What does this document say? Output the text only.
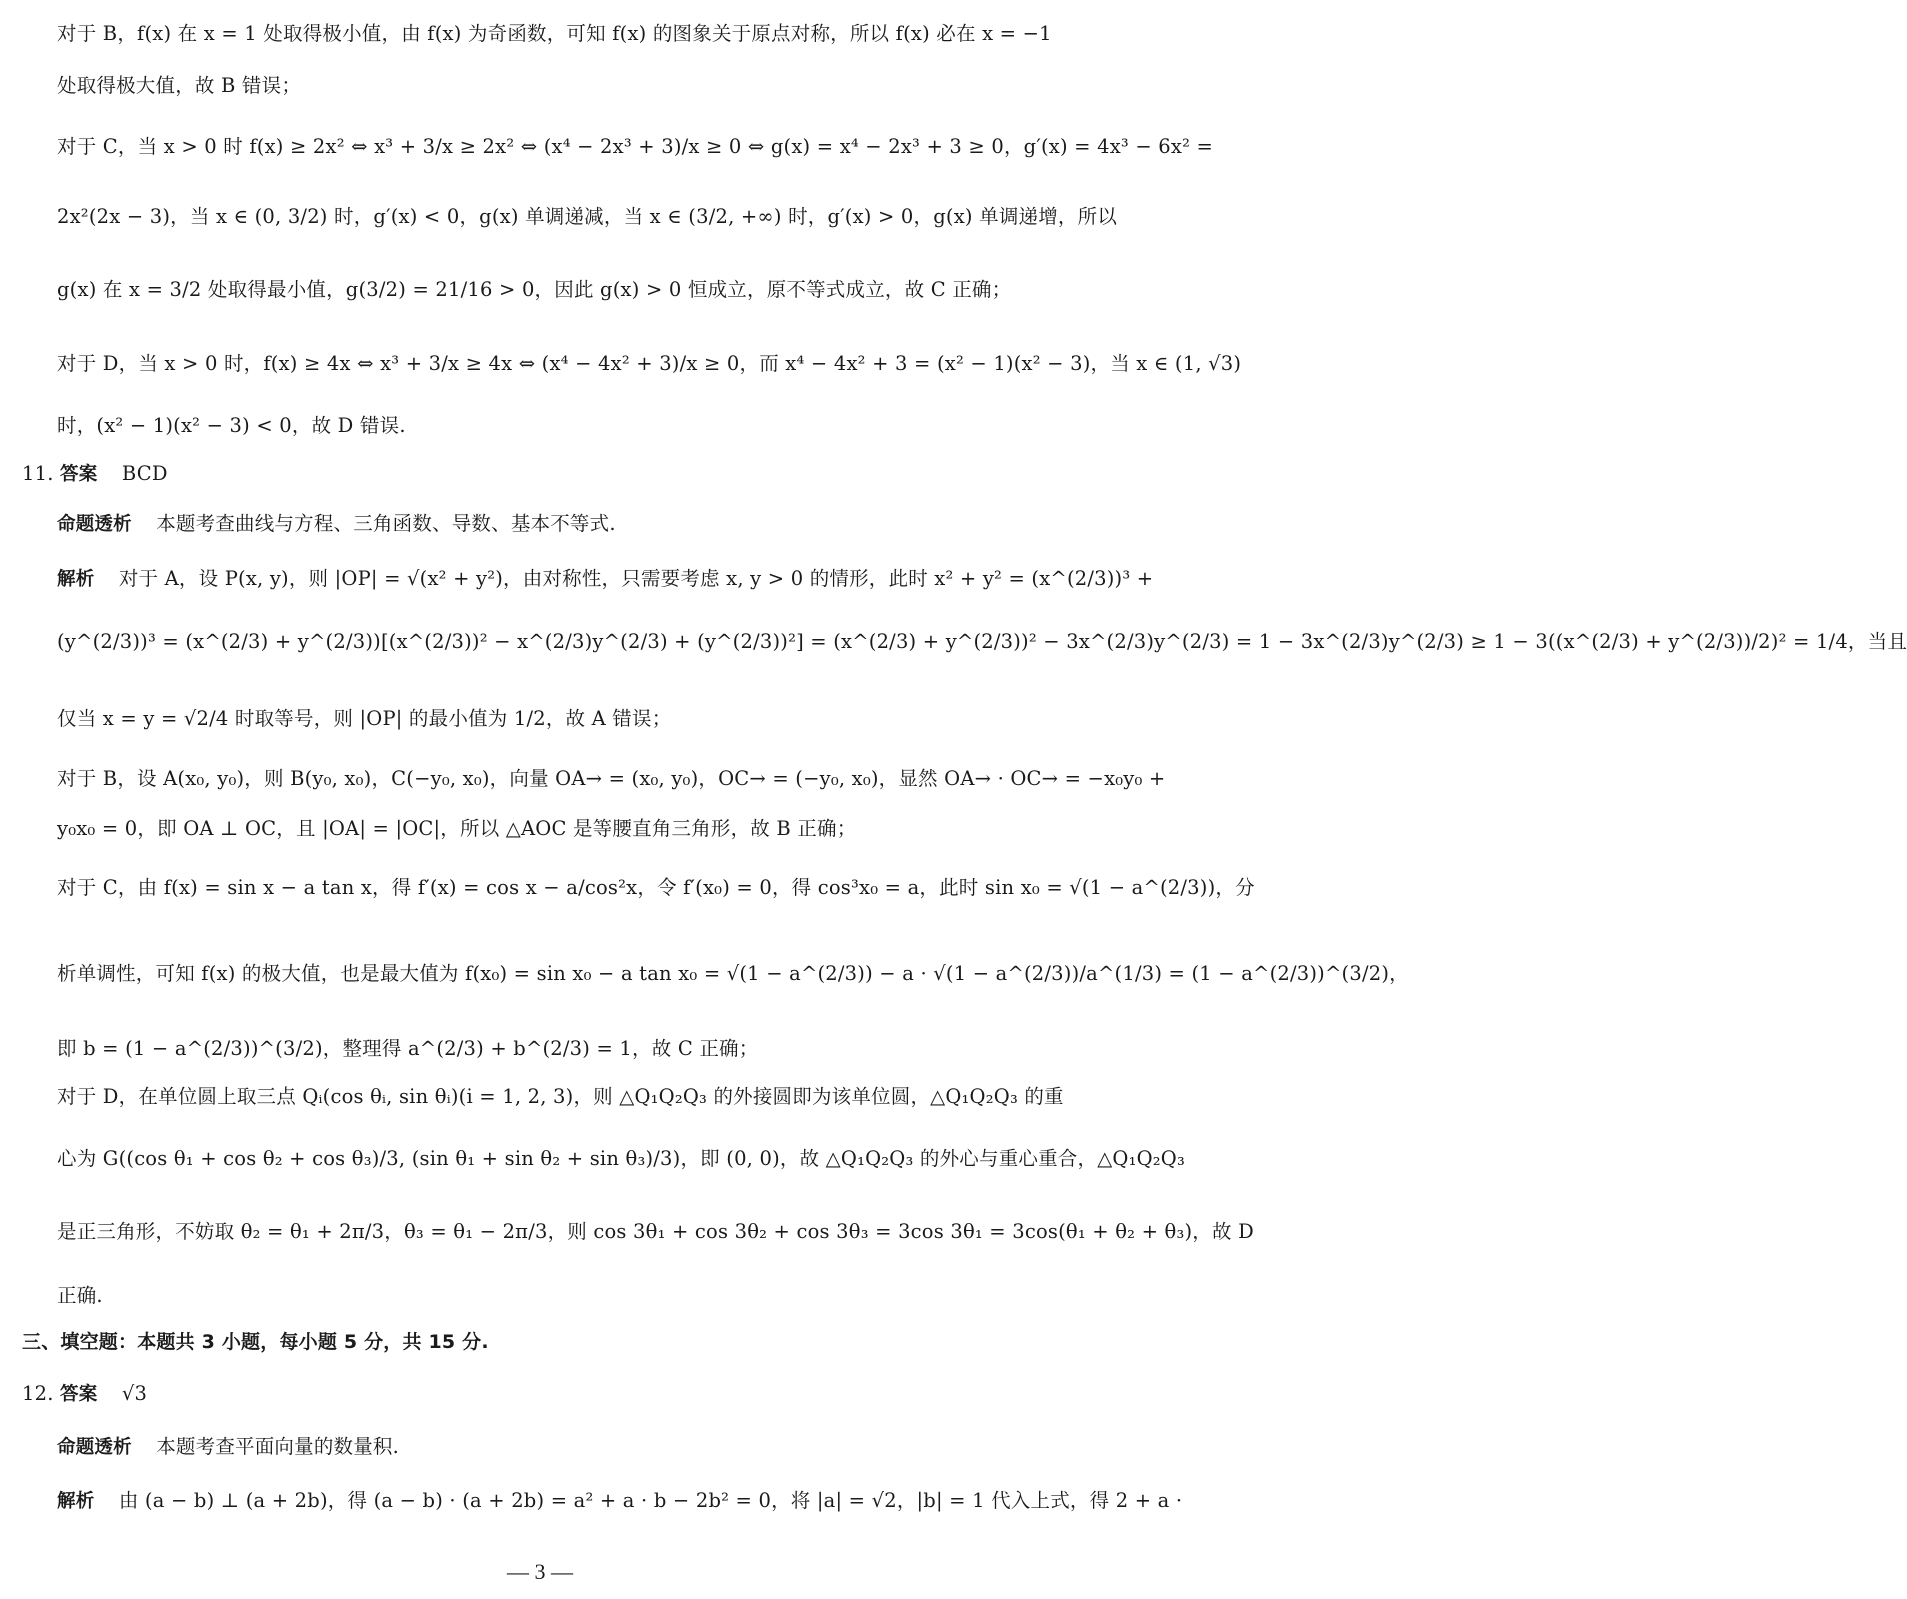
对于 B，f(x) 在 x = 1 处取得极小值，由 f(x) 为奇函数，可知 f(x) 的图象关于原点对称，所以 f(x) 必在 x = −1
处取得极大值，故 B 错误；
对于 C，当 x > 0 时 f(x) ≥ 2x² ⇔ x³ + 3/x ≥ 2x² ⇔ (x⁴ − 2x³ + 3)/x ≥ 0 ⇔ g(x) = x⁴ − 2x³ + 3 ≥ 0，g′(x) = 4x³ − 6x² =
2x²(2x − 3)，当 x ∈ (0, 3/2) 时，g′(x) < 0，g(x) 单调递减，当 x ∈ (3/2, +∞) 时，g′(x) > 0，g(x) 单调递增，所以
g(x) 在 x = 3/2 处取得最小值，g(3/2) = 21/16 > 0，因此 g(x) > 0 恒成立，原不等式成立，故 C 正确；
对于 D，当 x > 0 时，f(x) ≥ 4x ⇔ x³ + 3/x ≥ 4x ⇔ (x⁴ − 4x² + 3)/x ≥ 0，而 x⁴ − 4x² + 3 = (x² − 1)(x² − 3)，当 x ∈ (1, √3)
时，(x² − 1)(x² − 3) < 0，故 D 错误.
11. 答案 BCD
命题透析 本题考查曲线与方程、三角函数、导数、基本不等式.
解析 对于 A，设 P(x, y)，则 |OP| = √(x² + y²)，由对称性，只需要考虑 x, y > 0 的情形，此时 x² + y² = (x^(2/3))³ +
(y^(2/3))³ = (x^(2/3) + y^(2/3))[(x^(2/3))² − x^(2/3)y^(2/3) + (y^(2/3))²] = (x^(2/3) + y^(2/3))² − 3x^(2/3)y^(2/3) = 1 − 3x^(2/3)y^(2/3) ≥ 1 − 3((x^(2/3) + y^(2/3))/2)² = 1/4，当且
仅当 x = y = √2/4 时取等号，则 |OP| 的最小值为 1/2，故 A 错误；
对于 B，设 A(x₀, y₀)，则 B(y₀, x₀)，C(−y₀, x₀)，向量 OA→ = (x₀, y₀)，OC→ = (−y₀, x₀)，显然 OA→ · OC→ = −x₀y₀ +
y₀x₀ = 0，即 OA ⊥ OC，且 |OA| = |OC|，所以 △AOC 是等腰直角三角形，故 B 正确；
对于 C，由 f(x) = sin x − a tan x，得 f′(x) = cos x − a/cos²x，令 f′(x₀) = 0，得 cos³x₀ = a，此时 sin x₀ = √(1 − a^(2/3))，分
析单调性，可知 f(x) 的极大值，也是最大值为 f(x₀) = sin x₀ − a tan x₀ = √(1 − a^(2/3)) − a · √(1 − a^(2/3))/a^(1/3) = (1 − a^(2/3))^(3/2)，
即 b = (1 − a^(2/3))^(3/2)，整理得 a^(2/3) + b^(2/3) = 1，故 C 正确；
对于 D，在单位圆上取三点 Qᵢ(cos θᵢ, sin θᵢ)(i = 1, 2, 3)，则 △Q₁Q₂Q₃ 的外接圆即为该单位圆，△Q₁Q₂Q₃ 的重
心为 G((cos θ₁ + cos θ₂ + cos θ₃)/3, (sin θ₁ + sin θ₂ + sin θ₃)/3)，即 (0, 0)，故 △Q₁Q₂Q₃ 的外心与重心重合，△Q₁Q₂Q₃
是正三角形，不妨取 θ₂ = θ₁ + 2π/3，θ₃ = θ₁ − 2π/3，则 cos 3θ₁ + cos 3θ₂ + cos 3θ₃ = 3cos 3θ₁ = 3cos(θ₁ + θ₂ + θ₃)，故 D
正确.
三、填空题：本题共 3 小题，每小题 5 分，共 15 分.
12. 答案 √3
命题透析 本题考查平面向量的数量积.
解析 由 (a − b) ⊥ (a + 2b)，得 (a − b) · (a + 2b) = a² + a · b − 2b² = 0，将 |a| = √2，|b| = 1 代入上式，得 2 + a ·
— 3 —
